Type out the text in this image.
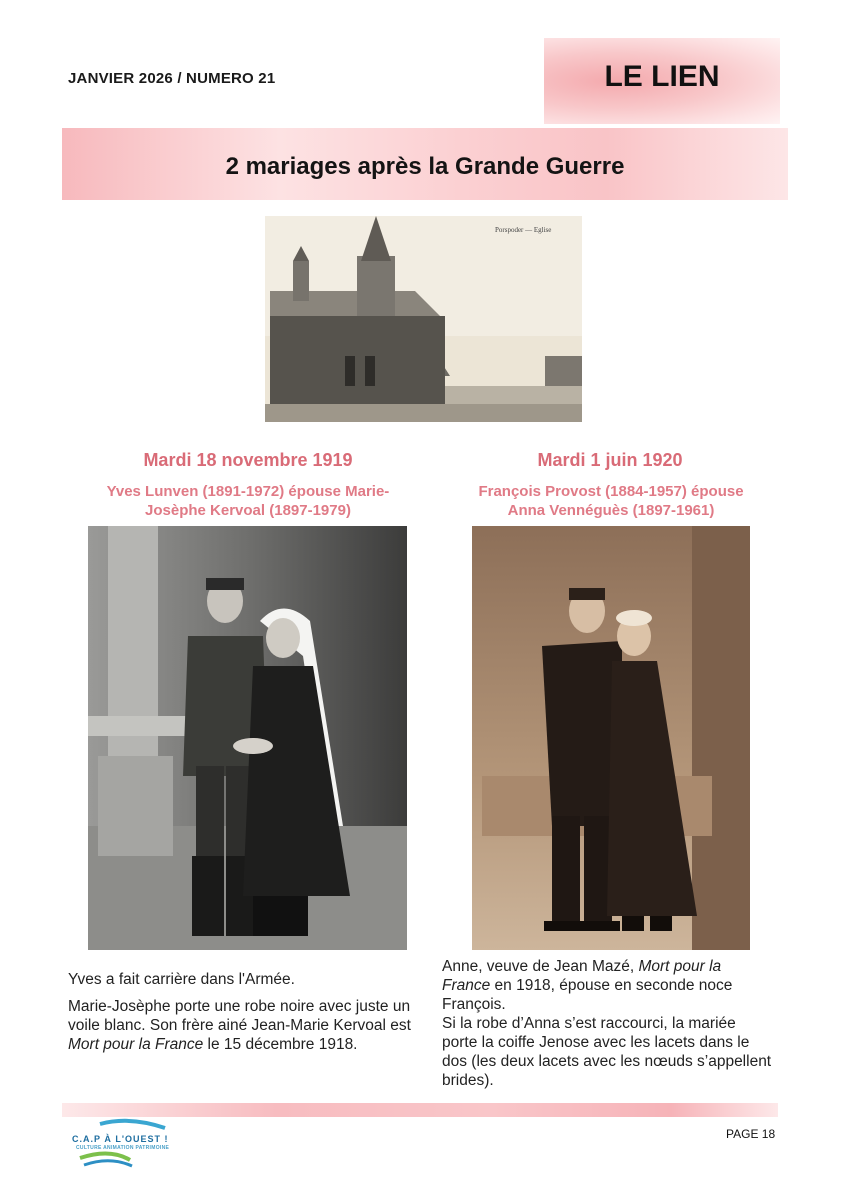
JANVIER 2026 / NUMERO 21	LE LIEN
2 mariages après la Grande Guerre
Porspoder — Eglise
Mardi 18 novembre 1919
Yves Lunven (1891-1972) épouse Marie-
Josèphe Kervoal (1897-1979)

Yves a fait carrière dans l'Armée.

Marie-Josèphe porte une robe noire avec juste un voile blanc. Son frère ainé Jean-Marie Kervoal est Mort pour la France le 15 décembre 1918.

Mardi 1 juin 1920
François Provost (1884-1957) épouse
Anna Vennéguès (1897-1961)
Anne, veuve de Jean Mazé, Mort pour la France en 1918, épouse en seconde noce François.
Si la robe d’Anna s’est raccourci, la mariée porte la coiffe Jenose avec les lacets dans le dos (les deux lacets avec les nœuds s’appellent brides).
C.A.P À L'OUEST !
CULTURE ANIMATION PATRIMOINE
PAGE 18
